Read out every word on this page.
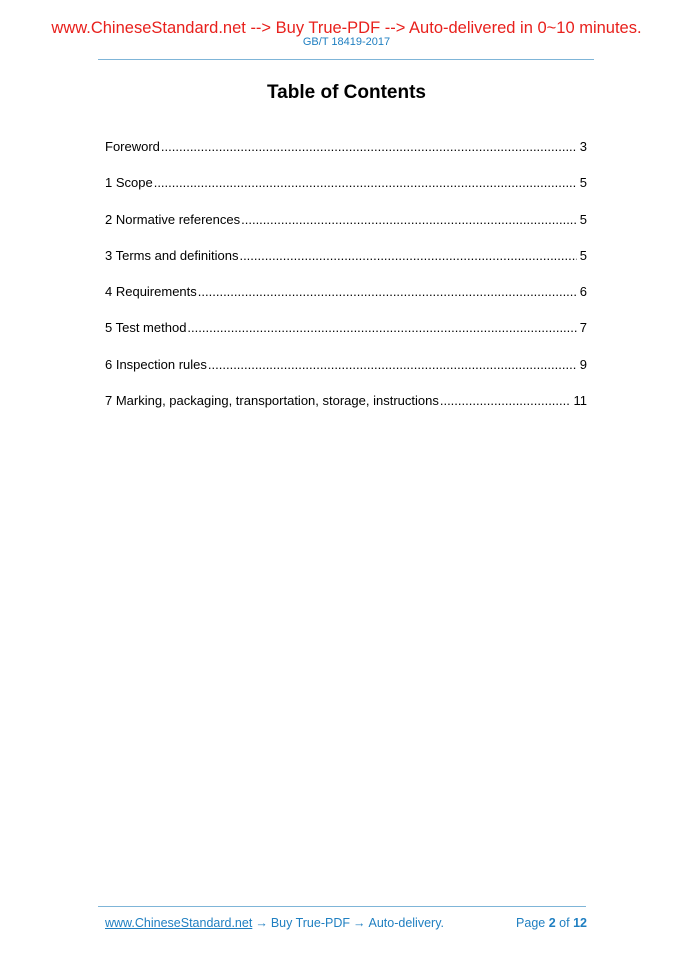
www.ChineseStandard.net --> Buy True-PDF --> Auto-delivered in 0~10 minutes.
GB/T 18419-2017
Table of Contents
Foreword .....	3
1 Scope .....	5
2 Normative references .....	5
3 Terms and definitions .....	5
4 Requirements .....	6
5 Test method .....	7
6 Inspection rules .....	9
7 Marking, packaging, transportation, storage, instructions .....	11
www.ChineseStandard.net → Buy True-PDF → Auto-delivery.	Page 2 of 12
